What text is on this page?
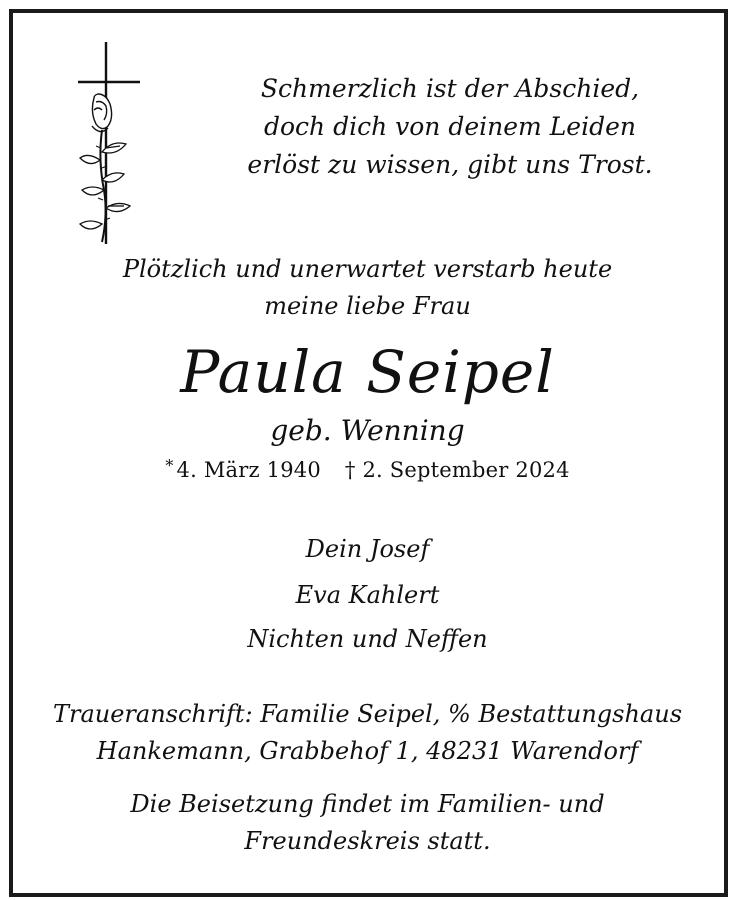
Schmerzlich ist der Abschied,
doch dich von deinem Leiden
erlöst zu wissen, gibt uns Trost.
Plötzlich und unerwartet verstarb heute
meine liebe Frau
Paula Seipel
geb. Wenning
* 4. März 1940 † 2. September 2024
Dein Josef
Eva Kahlert
Nichten und Neffen
Traueranschrift: Familie Seipel, % Bestattungshaus
Hankemann, Grabbehof 1, 48231 Warendorf
Die Beisetzung findet im Familien- und
Freundeskreis statt.
